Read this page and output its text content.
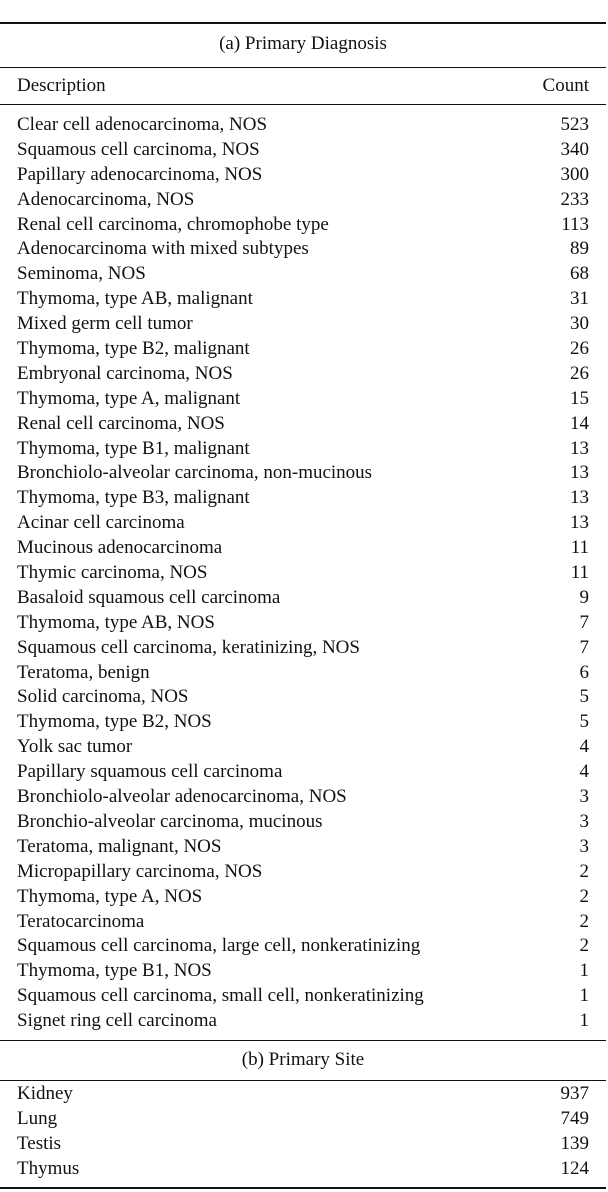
(a) Primary Diagnosis
Description	Count
Clear cell adenocarcinoma, NOS	523
Squamous cell carcinoma, NOS	340
Papillary adenocarcinoma, NOS	300
Adenocarcinoma, NOS	233
Renal cell carcinoma, chromophobe type	113
Adenocarcinoma with mixed subtypes	89
Seminoma, NOS	68
Thymoma, type AB, malignant	31
Mixed germ cell tumor	30
Thymoma, type B2, malignant	26
Embryonal carcinoma, NOS	26
Thymoma, type A, malignant	15
Renal cell carcinoma, NOS	14
Thymoma, type B1, malignant	13
Bronchiolo-alveolar carcinoma, non-mucinous	13
Thymoma, type B3, malignant	13
Acinar cell carcinoma	13
Mucinous adenocarcinoma	11
Thymic carcinoma, NOS	11
Basaloid squamous cell carcinoma	9
Thymoma, type AB, NOS	7
Squamous cell carcinoma, keratinizing, NOS	7
Teratoma, benign	6
Solid carcinoma, NOS	5
Thymoma, type B2, NOS	5
Yolk sac tumor	4
Papillary squamous cell carcinoma	4
Bronchiolo-alveolar adenocarcinoma, NOS	3
Bronchio-alveolar carcinoma, mucinous	3
Teratoma, malignant, NOS	3
Micropapillary carcinoma, NOS	2
Thymoma, type A, NOS	2
Teratocarcinoma	2
Squamous cell carcinoma, large cell, nonkeratinizing	2
Thymoma, type B1, NOS	1
Squamous cell carcinoma, small cell, nonkeratinizing	1
Signet ring cell carcinoma	1
(b) Primary Site
Kidney	937
Lung	749
Testis	139
Thymus	124
